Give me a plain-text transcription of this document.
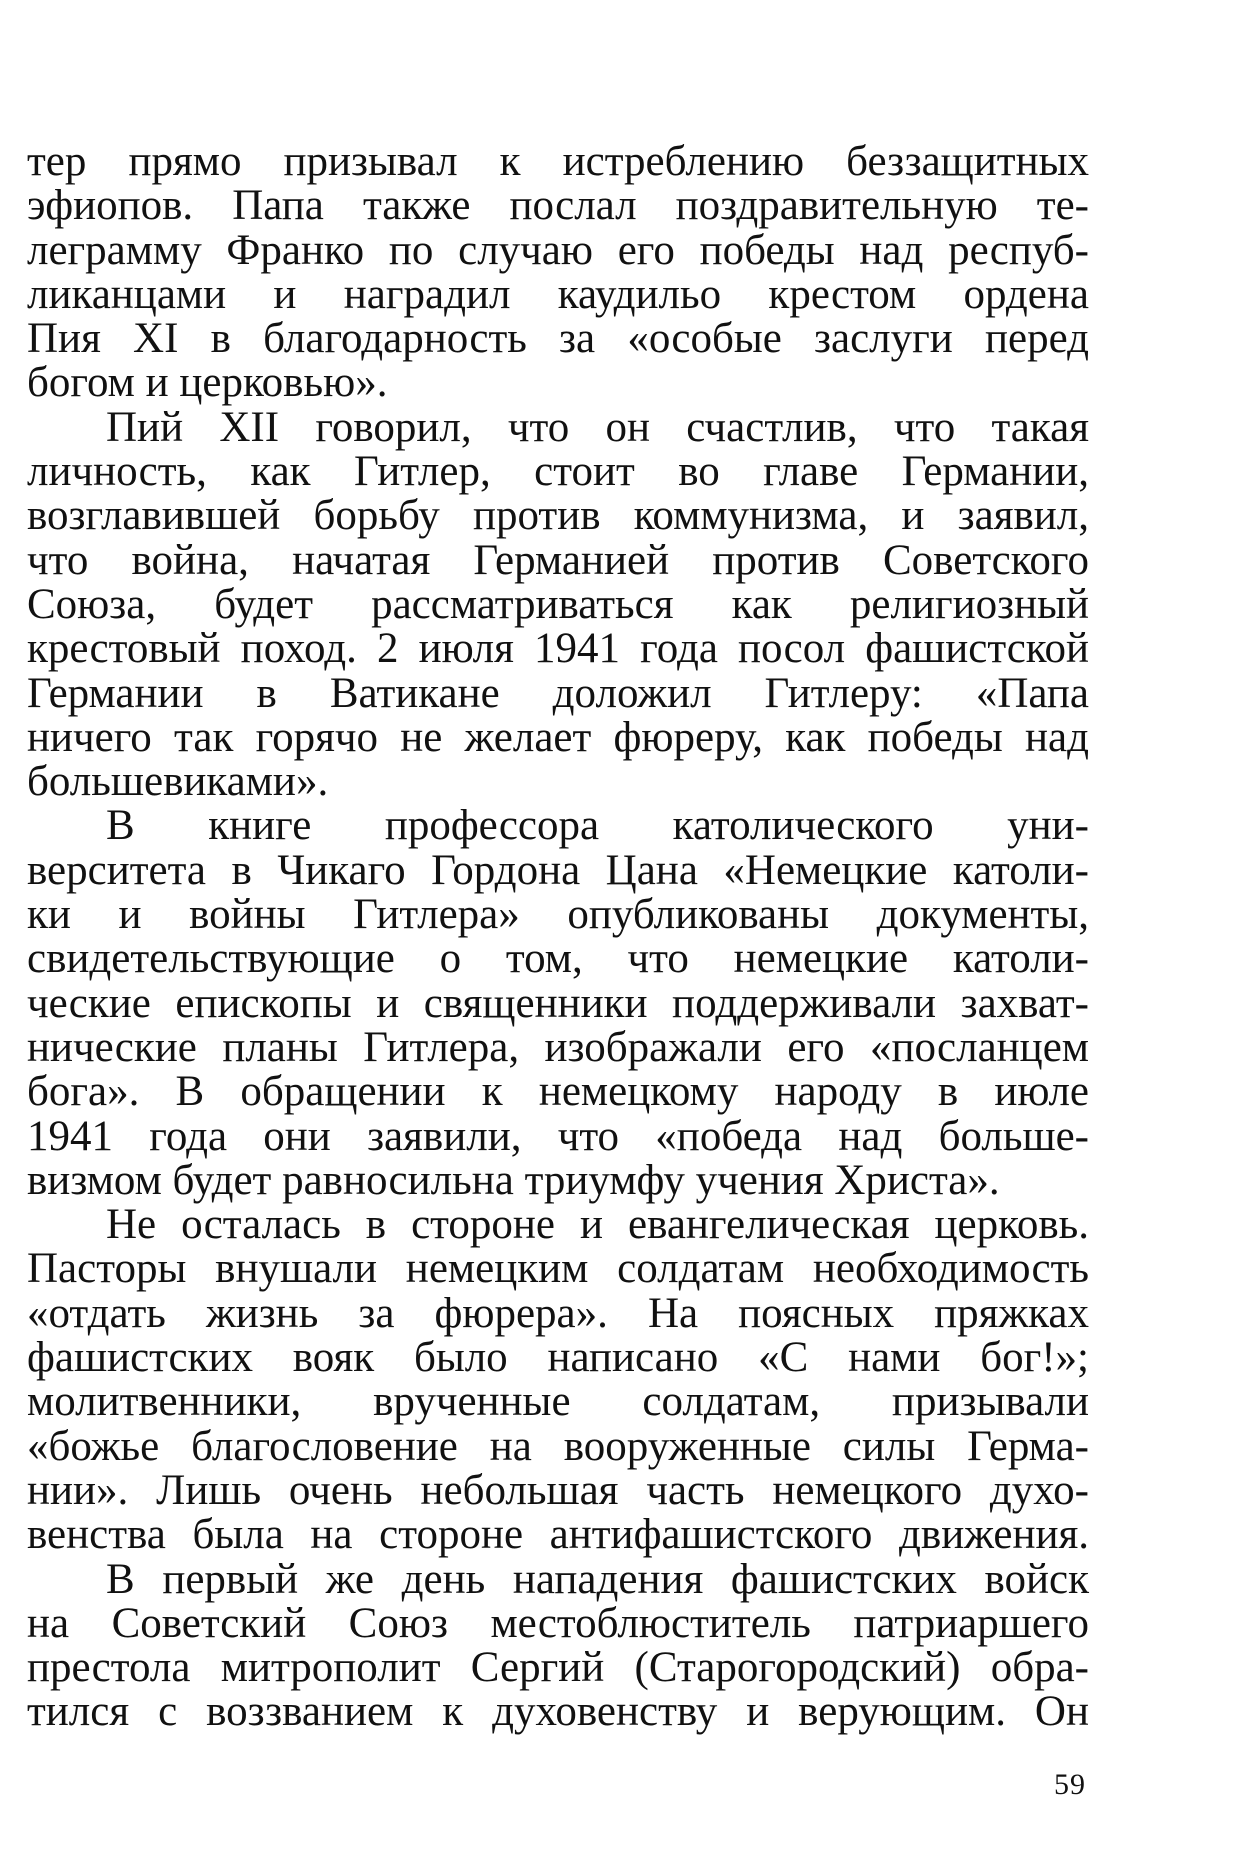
тер прямо призывал к истреблению беззащитных
эфиопов. Папа также послал поздравительную те-
леграмму Франко по случаю его победы над респуб-
ликанцами и наградил каудильо крестом ордена
Пия XI в благодарность за «особые заслуги перед
богом и церковью».
Пий XII говорил, что он счастлив, что такая
личность, как Гитлер, стоит во главе Германии,
возглавившей борьбу против коммунизма, и заявил,
что война, начатая Германией против Советского
Союза, будет рассматриваться как религиозный
крестовый поход. 2 июля 1941 года посол фашистской
Германии в Ватикане доложил Гитлеру: «Папа
ничего так горячо не желает фюреру, как победы над
большевиками».
В книге профессора католического уни-
верситета в Чикаго Гордона Цана «Немецкие католи-
ки и войны Гитлера» опубликованы документы,
свидетельствующие о том, что немецкие католи-
ческие епископы и священники поддерживали захват-
нические планы Гитлера, изображали его «посланцем
бога». В обращении к немецкому народу в июле
1941 года они заявили, что «победа над больше-
визмом будет равносильна триумфу учения Христа».
Не осталась в стороне и евангелическая церковь.
Пасторы внушали немецким солдатам необходимость
«отдать жизнь за фюрера». На поясных пряжках
фашистских вояк было написано «С нами бог!»;
молитвенники, врученные солдатам, призывали
«божье благословение на вооруженные силы Герма-
нии». Лишь очень небольшая часть немецкого духо-
венства была на стороне антифашистского движения.
В первый же день нападения фашистских войск
на Советский Союз местоблюститель патриаршего
престола митрополит Сергий (Старогородский) обра-
тился с воззванием к духовенству и верующим. Он
59
